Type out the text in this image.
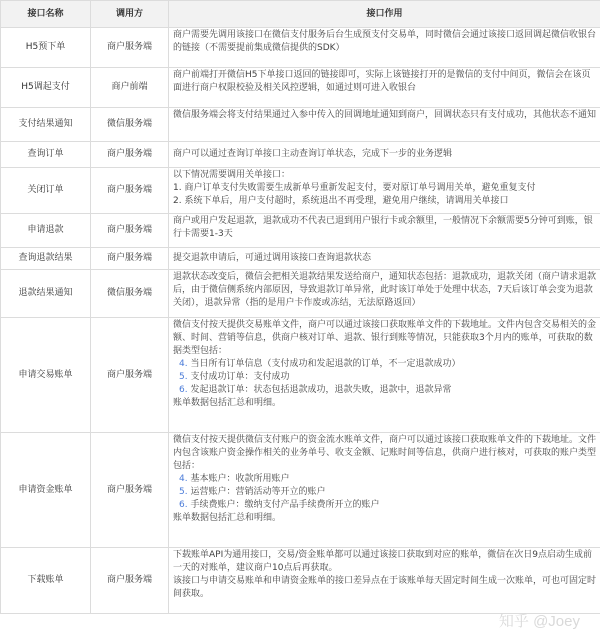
接口名称	调用方	接口作用
H5预下单	商户服务端	商户需要先调用该接口在微信支付服务后台生成预支付交易单，同时微信会通过该接口返回调起微信收银台的链接（不需要提前集成微信提供的SDK）
H5调起支付	商户前端	商户前端打开微信H5下单接口返回的链接即可，实际上该链接打开的是微信的支付中间页，微信会在该页面进行商户权限校验及相关风控逻辑，如通过则可进入收银台
支付结果通知	微信服务端	微信服务端会将支付结果通过入参中传入的回调地址通知到商户，回调状态只有支付成功，其他状态不通知
查询订单	商户服务端	商户可以通过查询订单接口主动查询订单状态，完成下一步的业务逻辑
关闭订单	商户服务端	以下情况需要调用关单接口：
1. 商户订单支付失败需要生成新单号重新发起支付，要对原订单号调用关单，避免重复支付
2. 系统下单后，用户支付超时，系统退出不再受理，避免用户继续，请调用关单接口

申请退款	商户服务端	商户或用户发起退款，退款成功不代表已退到用户银行卡或余额里，一般情况下余额需要5分钟可到账，银行卡需要1-3天
查询退款结果	商户服务端	提交退款申请后，可通过调用该接口查询退款状态
退款结果通知	微信服务端	退款状态改变后，微信会把相关退款结果发送给商户，通知状态包括：退款成功，退款关闭（商户请求退款后，由于微信侧系统内部原因，导致退款订单异常，此时该订单处于处理中状态，7天后该订单会变为退款关闭），退款异常（指的是用户卡作废或冻结，无法原路返回）
申请交易账单	商户服务端	微信支付按天提供交易账单文件，商户可以通过该接口获取账单文件的下载地址。文件内包含交易相关的金额、时间、营销等信息，供商户核对订单、退款、银行到账等情况，只能获取3个月内的账单，可获取的数据类型包括：
4. 当日所有订单信息（支付成功和发起退款的订单，不一定退款成功）
5. 支付成功订单：支付成功
6. 发起退款订单：状态包括退款成功，退款失败，退款中，退款异常
账单数据包括汇总和明细。

申请资金账单	商户服务端	微信支付按天提供微信支付账户的资金流水账单文件，商户可以通过该接口获取账单文件的下载地址。文件内包含该账户资金操作相关的业务单号、收支金额、记账时间等信息，供商户进行核对，可获取的账户类型包括：
4. 基本账户：收款所用账户
5. 运营账户：营销活动等开立的账户
6. 手续费账户：缴纳支付产品手续费所开立的账户
账单数据包括汇总和明细。

下载账单	商户服务端	下载账单API为通用接口，交易/资金账单都可以通过该接口获取到对应的账单，微信在次日9点启动生成前一天的对账单，建议商户10点后再获取。
该接口与申请交易账单和申请资金账单的接口差异点在于该账单每天固定时间生成一次账单，可也可固定时间获取。
知乎 @Joey
